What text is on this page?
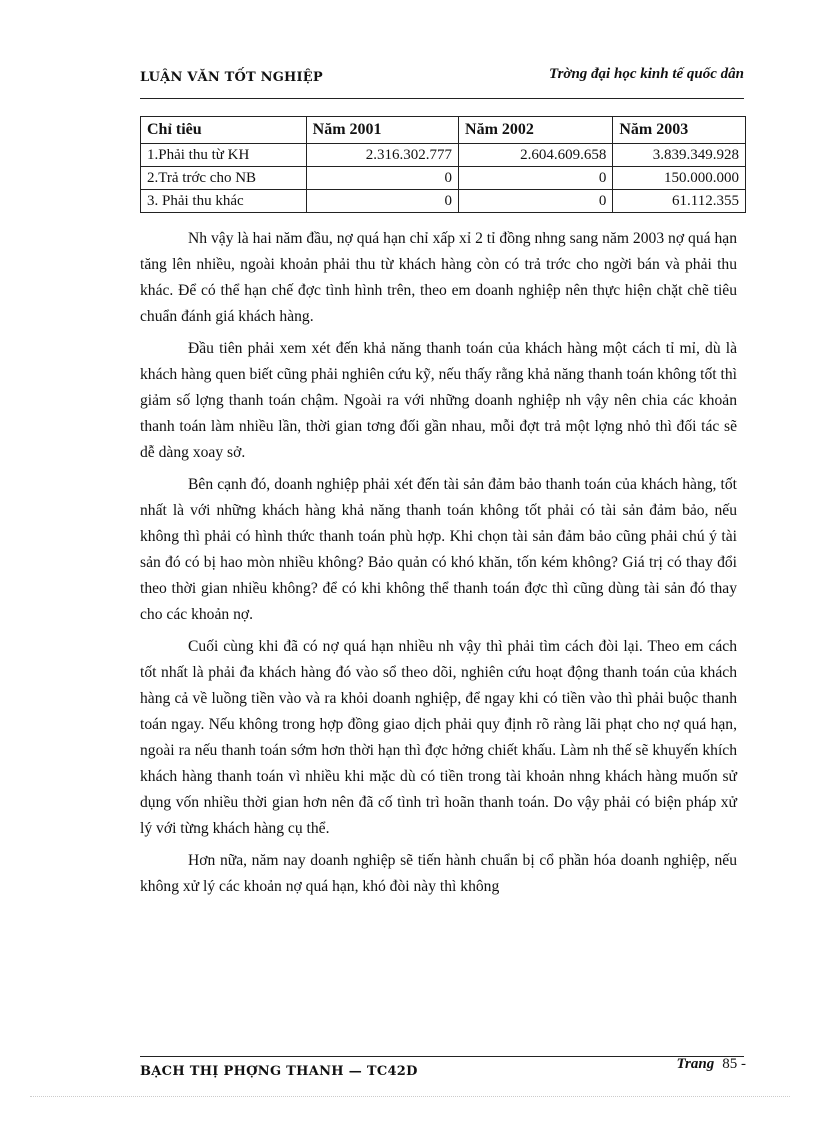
LUẬN VĂN TỐT NGHIỆP	Trờng đại học kinh tế quốc dân
Chỉ tiêu	Năm 2001	Năm 2002	Năm 2003
1.Phải thu từ KH	2.316.302.777	2.604.609.658	3.839.349.928
2.Trả trớc cho NB	0	0	150.000.000
3. Phải thu khác	0	0	61.112.355

Nh vậy là hai năm đầu, nợ quá hạn chỉ xấp xỉ 2 tỉ đồng nhng sang năm 2003 nợ quá hạn tăng lên nhiều, ngoài khoản phải thu từ khách hàng còn có trả trớc cho ngời bán và phải thu khác. Để có thể hạn chế đợc tình hình trên, theo em doanh nghiệp nên thực hiện chặt chẽ tiêu chuẩn đánh giá khách hàng.

Đầu tiên phải xem xét đến khả năng thanh toán của khách hàng một cách tỉ mỉ, dù là khách hàng quen biết cũng phải nghiên cứu kỹ, nếu thấy rằng khả năng thanh toán không tốt thì giảm số lợng thanh toán chậm. Ngoài ra với những doanh nghiệp nh vậy nên chia các khoản thanh toán làm nhiều lần, thời gian tơng đối gần nhau, mỗi đợt trả một lợng nhỏ thì đối tác sẽ dễ dàng xoay sở.

Bên cạnh đó, doanh nghiệp phải xét đến tài sản đảm bảo thanh toán của khách hàng, tốt nhất là với những khách hàng khả năng thanh toán không tốt phải có tài sản đảm bảo, nếu không thì phải có hình thức thanh toán phù hợp. Khi chọn tài sản đảm bảo cũng phải chú ý tài sản đó có bị hao mòn nhiều không? Bảo quản có khó khăn, tốn kém không? Giá trị có thay đổi theo thời gian nhiều không? để có khi không thể thanh toán đợc thì cũng dùng tài sản đó thay cho các khoản nợ.

Cuối cùng khi đã có nợ quá hạn nhiều nh vậy thì phải tìm cách đòi lại. Theo em cách tốt nhất là phải đa khách hàng đó vào sổ theo dõi, nghiên cứu hoạt động thanh toán của khách hàng cả về luồng tiền vào và ra khỏi doanh nghiệp, để ngay khi có tiền vào thì phải buộc thanh toán ngay. Nếu không trong hợp đồng giao dịch phải quy định rõ ràng lãi phạt cho nợ quá hạn, ngoài ra nếu thanh toán sớm hơn thời hạn thì đợc hởng chiết khấu. Làm nh thế sẽ khuyến khích khách hàng thanh toán vì nhiều khi mặc dù có tiền trong tài khoản nhng khách hàng muốn sử dụng vốn nhiều thời gian hơn nên đã cố tình trì hoãn thanh toán. Do vậy phải có biện pháp xử lý với từng khách hàng cụ thể.

Hơn nữa, năm nay doanh nghiệp sẽ tiến hành chuẩn bị cổ phần hóa doanh nghiệp, nếu không xử lý các khoản nợ quá hạn, khó đòi này thì không

BẠCH THỊ PHỢNG THANH — TC42D	Trang 85 -
